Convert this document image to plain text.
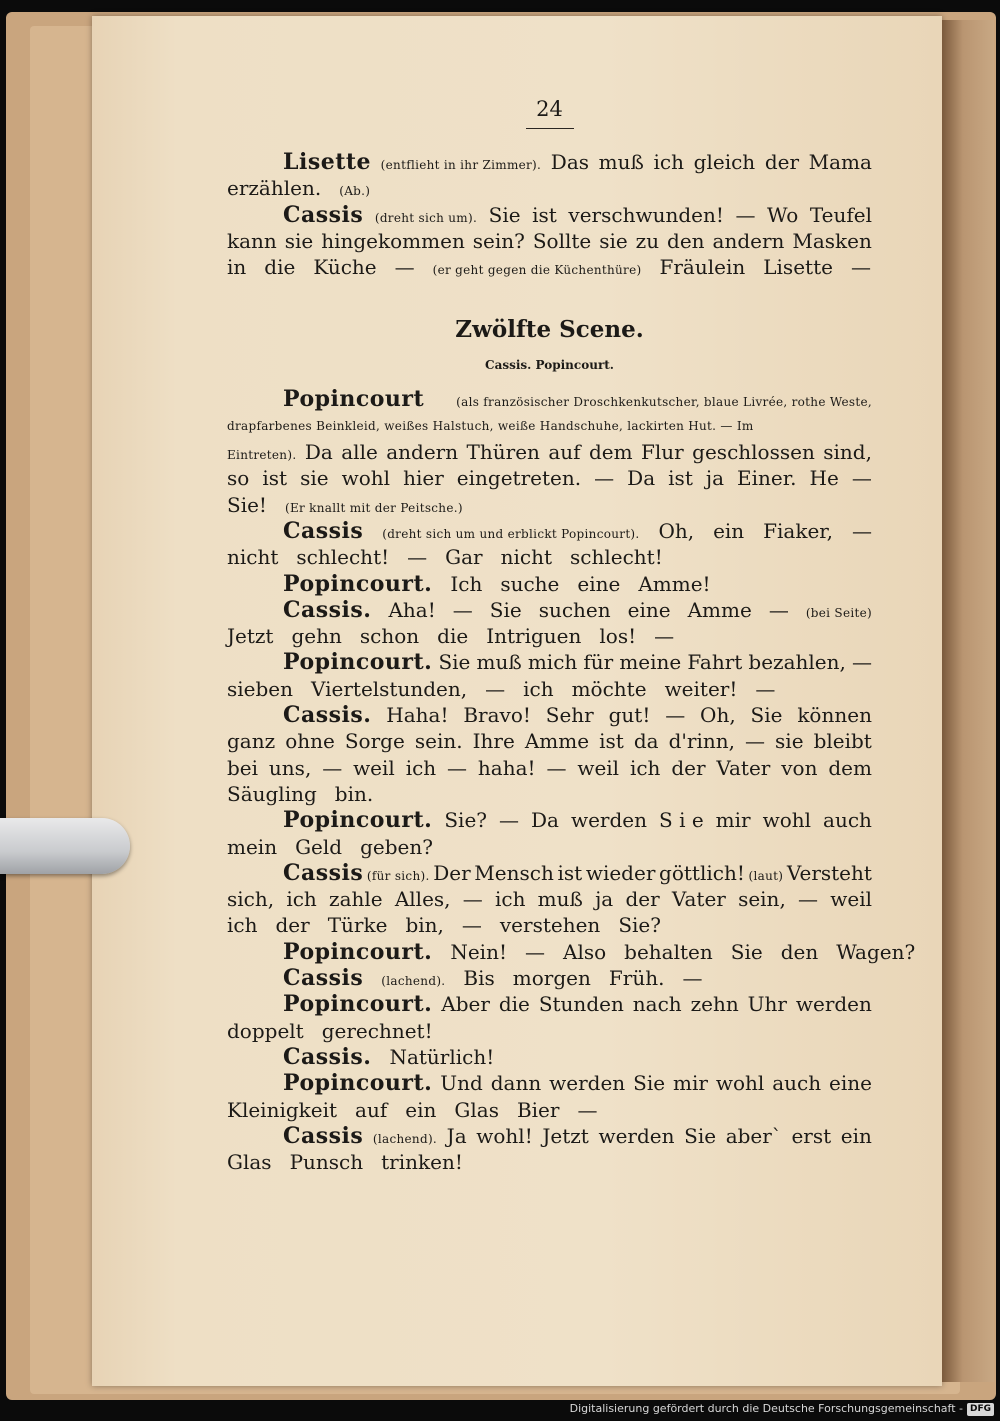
24
Lisette (entflieht in ihr Zimmer). Das muß ich gleich der Mama
erzählen. (Ab.)
Cassis (dreht sich um). Sie ist verschwunden! — Wo Teufel
kann sie hingekommen sein? Sollte sie zu den andern Masken
in die Küche — (er geht gegen die Küchenthüre) Fräulein Lisette —
Zwölfte Scene.
Cassis. Popincourt.
Popincourt	(als französischer Droschkenkutscher, blaue Livrée, rothe Weste,
drapfarbenes Beinkleid, weißes Halstuch, weiße Handschuhe, lackirten Hut. — Im
Eintreten). Da alle andern Thüren auf dem Flur geschlossen sind,
so ist sie wohl hier eingetreten. — Da ist ja Einer. He —
Sie! (Er knallt mit der Peitsche.)
Cassis (dreht sich um und erblickt Popincourt). Oh, ein Fiaker, —
nicht schlecht! — Gar nicht schlecht!
Popincourt. Ich suche eine Amme!
Cassis. Aha! — Sie suchen eine Amme — (bei Seite)
Jetzt gehn schon die Intriguen los! —
Popincourt. Sie muß mich für meine Fahrt bezahlen, —
sieben Viertelstunden, — ich möchte weiter! —
Cassis. Haha! Bravo! Sehr gut! — Oh, Sie können
ganz ohne Sorge sein. Ihre Amme ist da d'rinn, — sie bleibt
bei uns, — weil ich — haha! — weil ich der Vater von dem
Säugling bin.
Popincourt. Sie? — Da werden S i e mir wohl auch
mein Geld geben?
Cassis (für sich). Der Mensch ist wieder göttlich! (laut) Versteht
sich, ich zahle Alles, — ich muß ja der Vater sein, — weil
ich der Türke bin, — verstehen Sie?
Popincourt. Nein! — Also behalten Sie den Wagen?
Cassis (lachend). Bis morgen Früh. —
Popincourt. Aber die Stunden nach zehn Uhr werden
doppelt gerechnet!
Cassis. Natürlich!
Popincourt. Und dann werden Sie mir wohl auch eine
Kleinigkeit auf ein Glas Bier —
Cassis (lachend). Ja wohl! Jetzt werden Sie aber` erst ein
Glas Punsch trinken!
Digitalisierung gefördert durch die Deutsche Forschungsgemeinschaft - DFG
